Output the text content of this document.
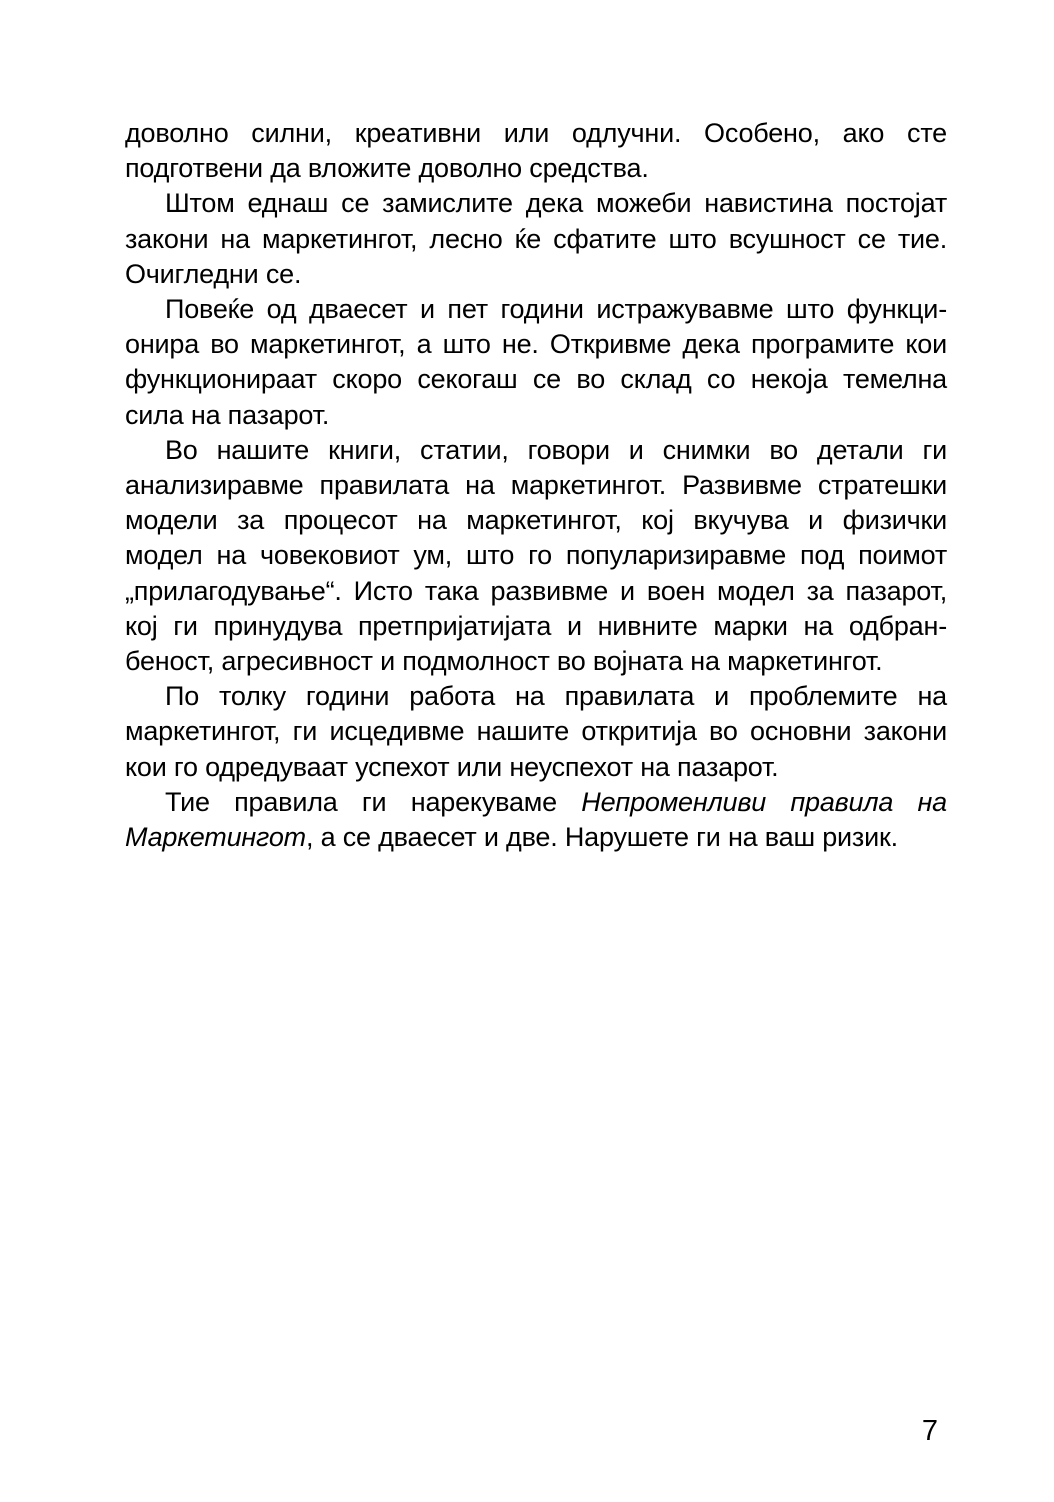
доволно силни, креативни или одлучни. Особено, ако сте
подготвени да вложите доволно средства.
Штом еднаш се замислите дека можеби навистина постојат
закони на маркетингот, лесно ќе сфатите што всушност се тие.
Очигледни се.
Повеќе од дваесет и пет години истражувавме што функци-
онира во маркетингот, а што не. Откривме дека програмите кои
функционираат скоро секогаш се во склад со некоја темелна
сила на пазарот.
Во нашите книги, статии, говори и снимки во детали ги
анализиравме правилата на маркетингот. Развивме стратешки
модели за процесот на маркетингот, кој вкучува и физички
модел на човековиот ум, што го популаризиравме под поимот
„прилагодување“. Исто така развивме и воен модел за пазарот,
кој ги принудува претпријатијата и нивните марки на одбран-
беност, агресивност и подмолност во војната на маркетингот.
По толку години работа на правилата и проблемите на
маркетингот, ги исцедивме нашите откритија во основни закони
кои го одредуваат успехот или неуспехот на пазарот.
Тие правила ги нарекуваме Непроменливи правила на
Маркетингот, а се дваесет и две. Нарушете ги на ваш ризик.
7
